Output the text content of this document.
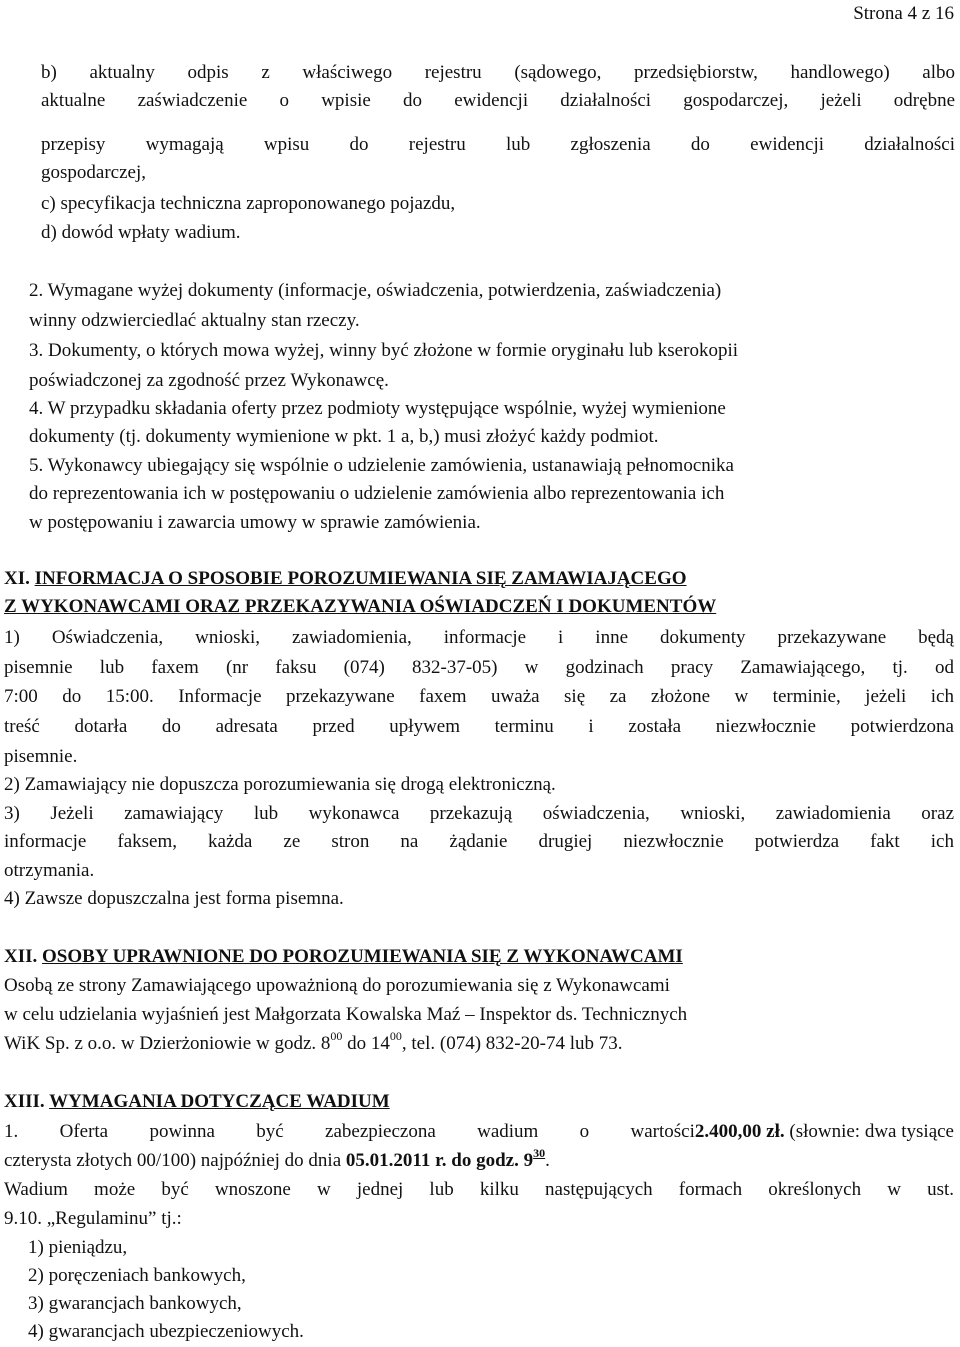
Strona 4 z 16
b) aktualny odpis z właściwego rejestru (sądowego, przedsiębiorstw, handlowego) albo
aktualne zaświadczenie o wpisie do ewidencji działalności gospodarczej, jeżeli odrębne
przepisy wymagają wpisu do rejestru lub zgłoszenia do ewidencji działalności
gospodarczej,
c) specyfikacja techniczna zaproponowanego pojazdu,
d) dowód wpłaty wadium.
2. Wymagane wyżej dokumenty (informacje, oświadczenia, potwierdzenia, zaświadczenia)
winny odzwierciedlać aktualny stan rzeczy.
3. Dokumenty, o których mowa wyżej, winny być złożone w formie oryginału lub kserokopii
poświadczonej za zgodność przez Wykonawcę.
4. W przypadku składania oferty przez podmioty występujące wspólnie, wyżej wymienione
dokumenty (tj. dokumenty wymienione w pkt. 1 a, b,) musi złożyć każdy podmiot.
5. Wykonawcy ubiegający się wspólnie o udzielenie zamówienia, ustanawiają pełnomocnika
do reprezentowania ich w postępowaniu o udzielenie zamówienia albo reprezentowania ich
w postępowaniu i zawarcia umowy w sprawie zamówienia.
XI. INFORMACJA O SPOSOBIE POROZUMIEWANIA SIĘ ZAMAWIAJĄCEGO
Z WYKONAWCAMI ORAZ PRZEKAZYWANIA OŚWIADCZEŃ I DOKUMENTÓW
1) Oświadczenia, wnioski, zawiadomienia, informacje i inne dokumenty przekazywane będą
pisemnie lub faxem (nr faksu (074) 832-37-05) w godzinach pracy Zamawiającego, tj. od
7:00 do 15:00. Informacje przekazywane faxem uważa się za złożone w terminie, jeżeli ich
treść dotarła do adresata przed upływem terminu i została niezwłocznie potwierdzona
pisemnie.
2) Zamawiający nie dopuszcza porozumiewania się drogą elektroniczną.
3) Jeżeli zamawiający lub wykonawca przekazują oświadczenia, wnioski, zawiadomienia oraz
informacje faksem, każda ze stron na żądanie drugiej niezwłocznie potwierdza fakt ich
otrzymania.
4) Zawsze dopuszczalna jest forma pisemna.
XII. OSOBY UPRAWNIONE DO POROZUMIEWANIA SIĘ Z WYKONAWCAMI
Osobą ze strony Zamawiającego upoważnioną do porozumiewania się z Wykonawcami
w celu udzielania wyjaśnień jest Małgorzata Kowalska Maź – Inspektor ds. Technicznych
WiK Sp. z o.o. w Dzierżoniowie w godz. $8^{00}$ do $14^{00}$, tel. (074) 832-20-74 lub 73.
XIII. WYMAGANIA DOTYCZĄCE WADIUM
1. Oferta powinna być zabezpieczona wadium o wartości 2.400,00 zł. (słownie: dwa tysiące
czterysta złotych 00/100) najpóźniej do dnia 05.01.2011 r. do godz. $9^{30}$.
Wadium może być wnoszone w jednej lub kilku następujących formach określonych w ust.
9.10. „Regulaminu” tj.:
1) pieniądzu,
2) poręczeniach bankowych,
3) gwarancjach bankowych,
4) gwarancjach ubezpieczeniowych.
